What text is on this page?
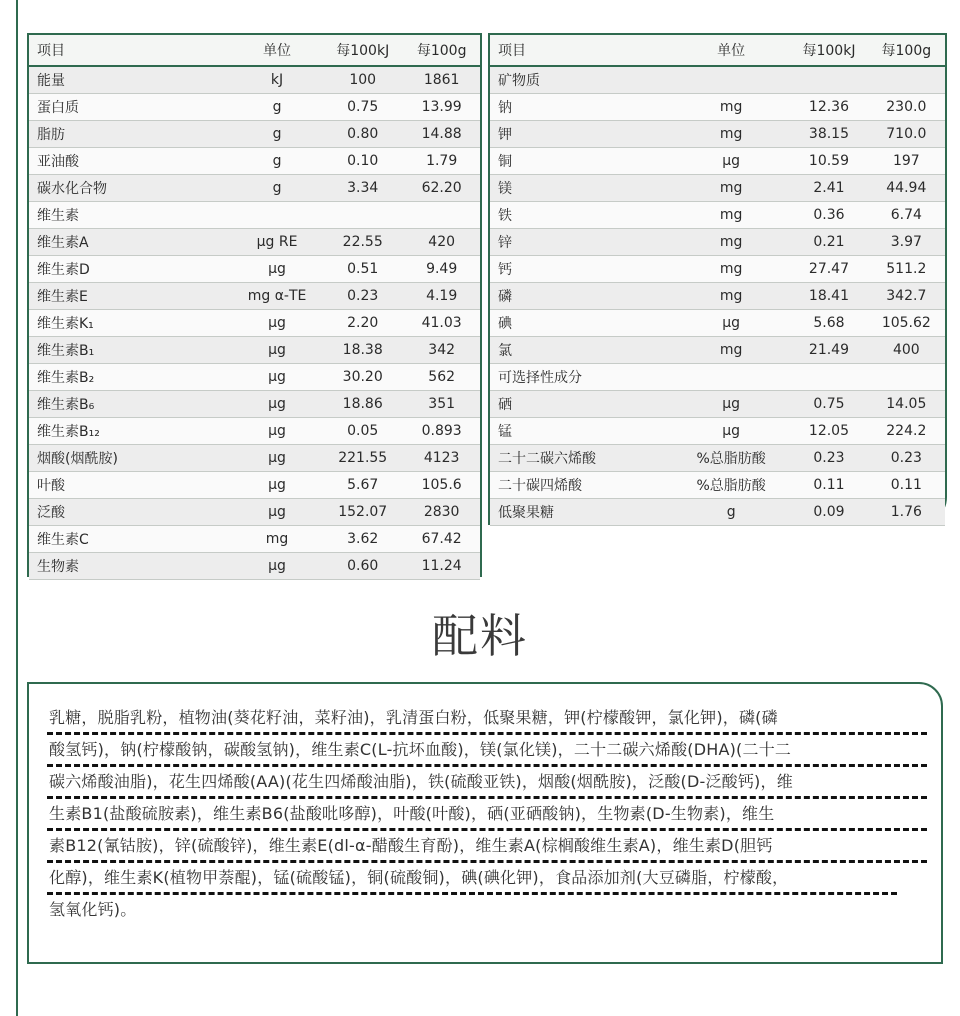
项目	单位	每100kJ	每100g
能量	kJ	100	1861
蛋白质	g	0.75	13.99
脂肪	g	0.80	14.88
亚油酸	g	0.10	1.79
碳水化合物	g	3.34	62.20
维生素			
维生素A	μg RE	22.55	420
维生素D	μg	0.51	9.49
维生素E	mg α-TE	0.23	4.19
维生素K₁	μg	2.20	41.03
维生素B₁	μg	18.38	342
维生素B₂	μg	30.20	562
维生素B₆	μg	18.86	351
维生素B₁₂	μg	0.05	0.893
烟酸(烟酰胺)	μg	221.55	4123
叶酸	μg	5.67	105.6
泛酸	μg	152.07	2830
维生素C	mg	3.62	67.42
生物素	μg	0.60	11.24
项目	单位	每100kJ	每100g
矿物质			
钠	mg	12.36	230.0
钾	mg	38.15	710.0
铜	μg	10.59	197
镁	mg	2.41	44.94
铁	mg	0.36	6.74
锌	mg	0.21	3.97
钙	mg	27.47	511.2
磷	mg	18.41	342.7
碘	μg	5.68	105.62
氯	mg	21.49	400
可选择性成分			
硒	μg	0.75	14.05
锰	μg	12.05	224.2
二十二碳六烯酸	%总脂肪酸	0.23	0.23
二十碳四烯酸	%总脂肪酸	0.11	0.11
低聚果糖	g	0.09	1.76
配料
乳糖，脱脂乳粉，植物油(葵花籽油，菜籽油)，乳清蛋白粉，低聚果糖，钾(柠檬酸钾，氯化钾)，磷(磷
酸氢钙)，钠(柠檬酸钠，碳酸氢钠)，维生素C(L-抗坏血酸)，镁(氯化镁)，二十二碳六烯酸(DHA)(二十二
碳六烯酸油脂)，花生四烯酸(AA)(花生四烯酸油脂)，铁(硫酸亚铁)，烟酸(烟酰胺)，泛酸(D-泛酸钙)，维
生素B1(盐酸硫胺素)，维生素B6(盐酸吡哆醇)，叶酸(叶酸)，硒(亚硒酸钠)，生物素(D-生物素)，维生
素B12(氰钴胺)，锌(硫酸锌)，维生素E(dl-α-醋酸生育酚)，维生素A(棕榈酸维生素A)，维生素D(胆钙
化醇)，维生素K(植物甲萘醌)，锰(硫酸锰)，铜(硫酸铜)，碘(碘化钾)，食品添加剂(大豆磷脂，柠檬酸，
氢氧化钙)。
